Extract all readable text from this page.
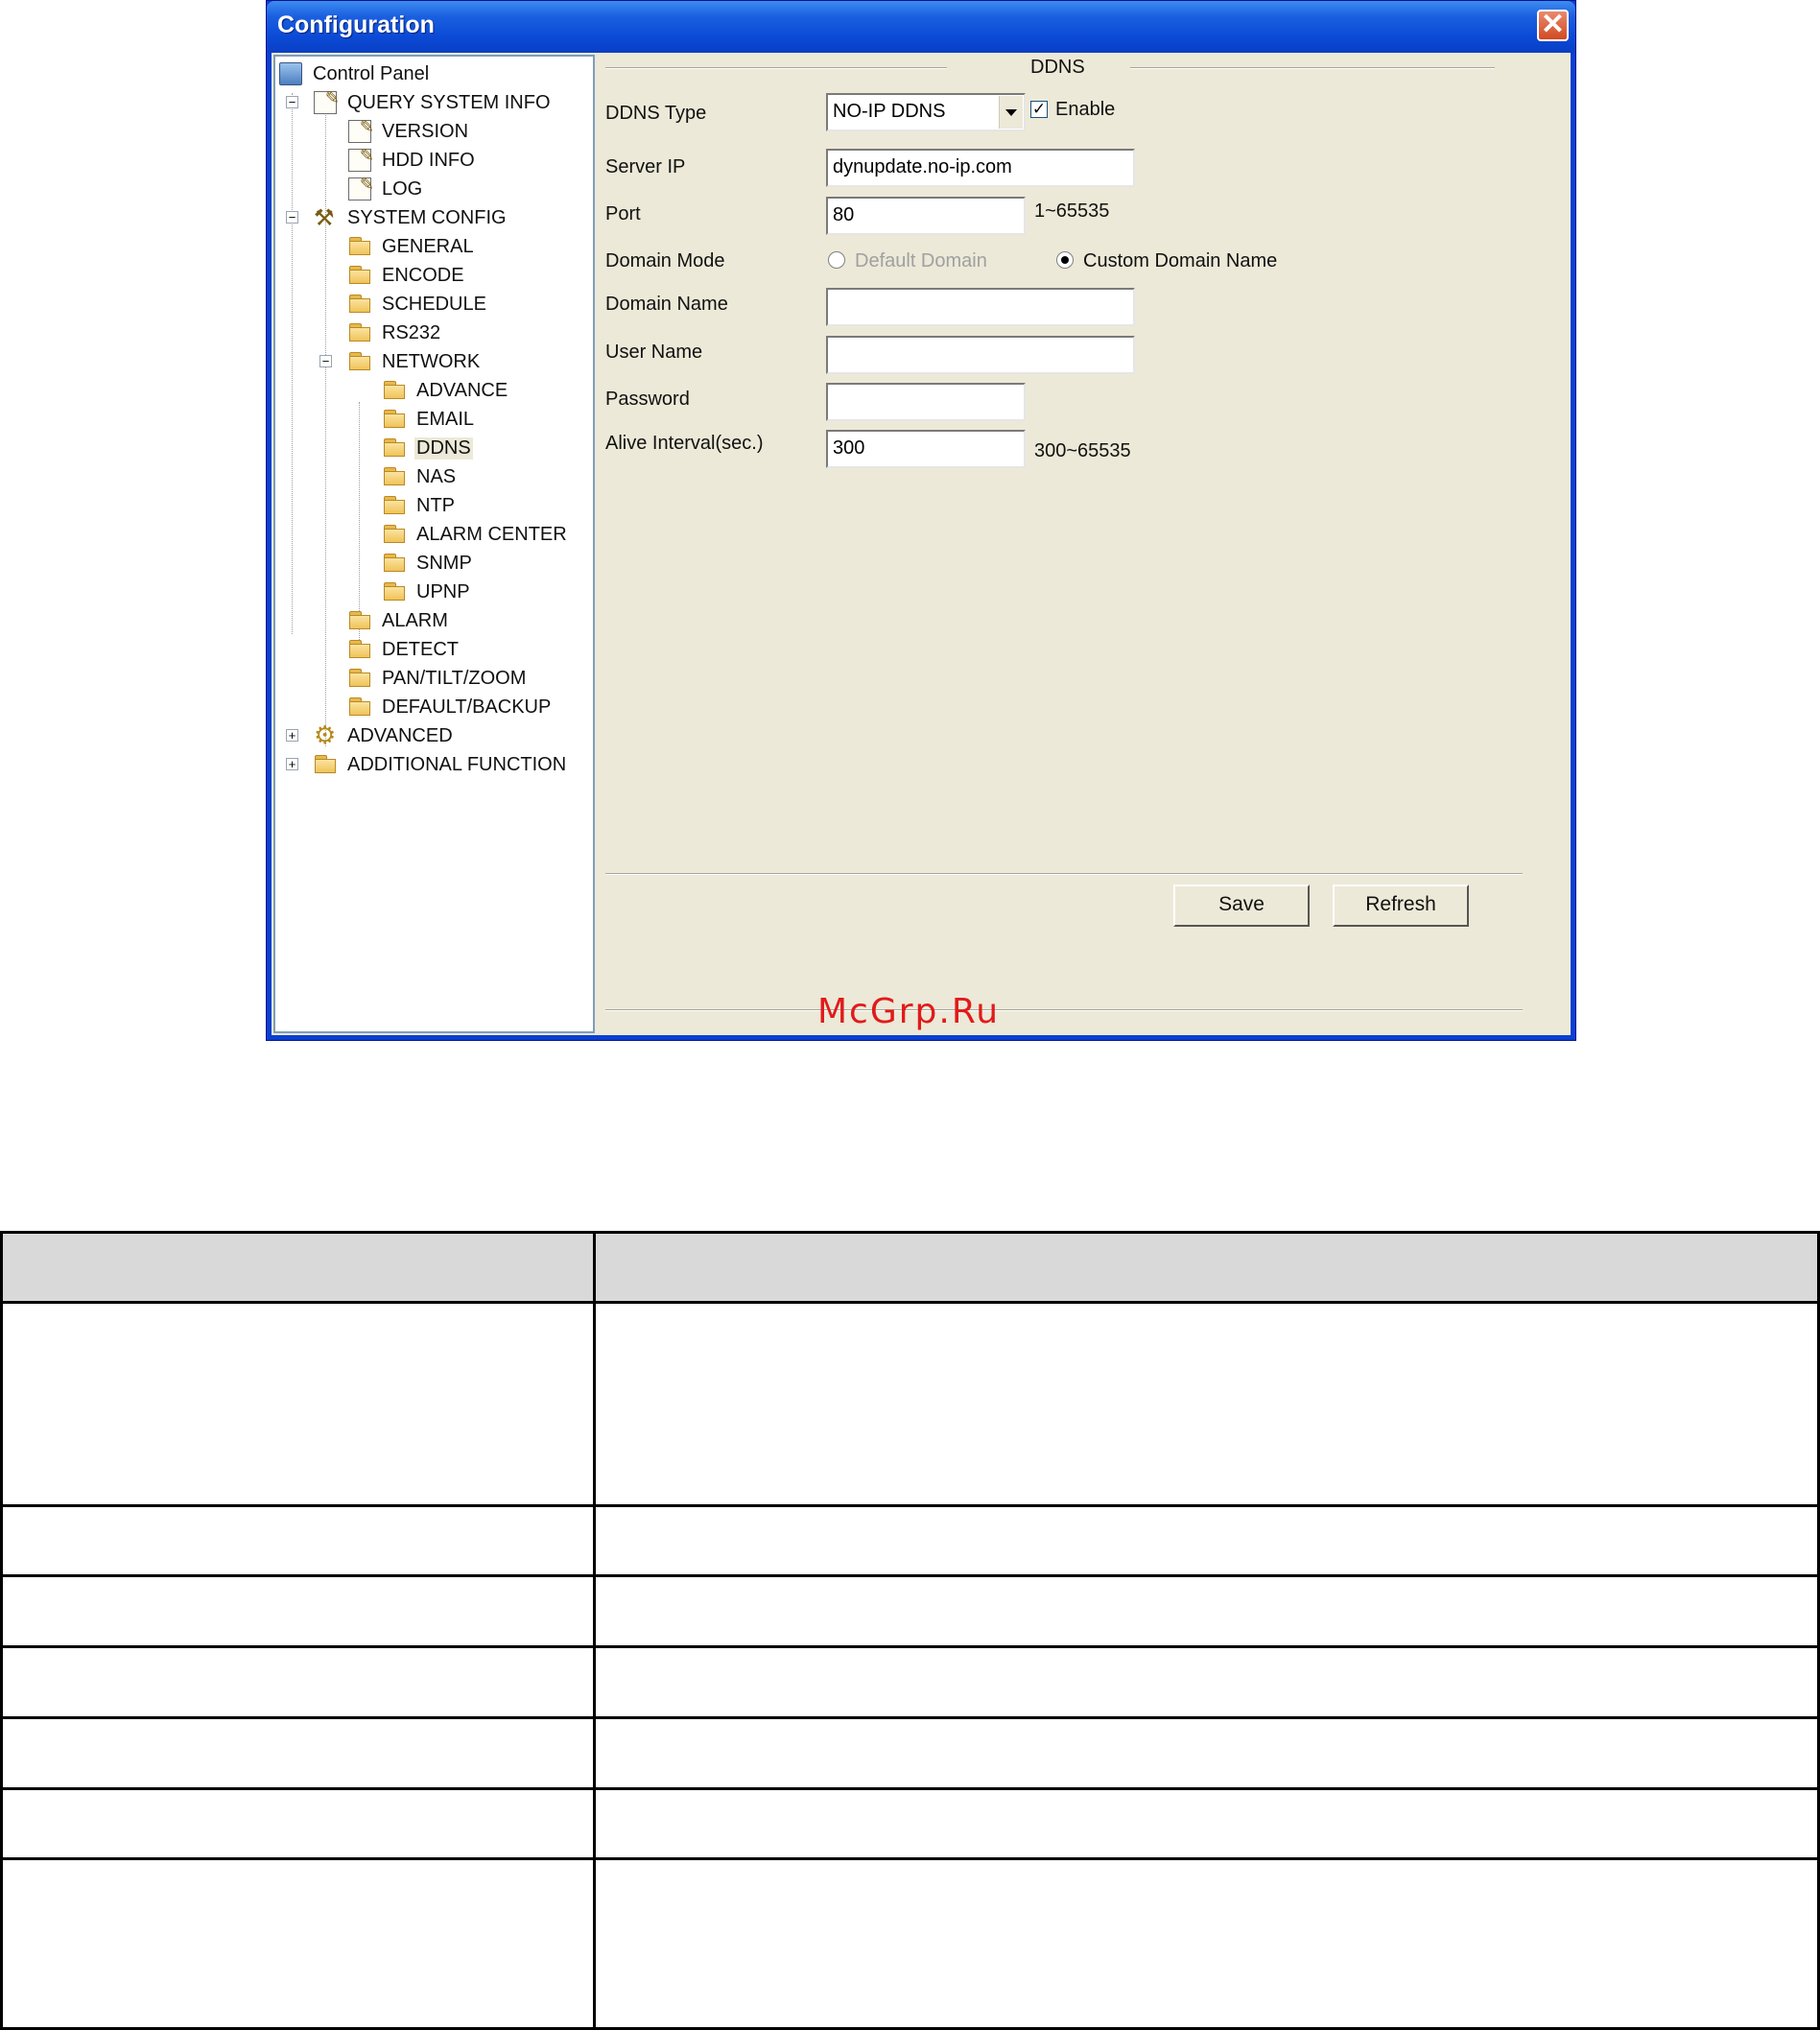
Configuration	✕
−
−
−
+
+
Control Panel
✎
QUERY SYSTEM INFO
✎
VERSION
✎
HDD INFO
✎
LOG
⚒
SYSTEM CONFIG
GENERAL
ENCODE
SCHEDULE
RS232
NETWORK
ADVANCE
EMAIL
DDNS
NAS
NTP
ALARM CENTER
SNMP
UPNP
ALARM
DETECT
PAN/TILT/ZOOM
DEFAULT/BACKUP
⚙
ADVANCED
ADDITIONAL FUNCTION
DDNS
DDNS Type	NO-IP DDNS	✓ Enable
Server IP	dynupdate.no-ip.com
Port	80	1~65535
Domain Mode	Default Domain	Custom Domain Name
Domain Name
User Name
Password
Alive Interval(sec.)	300	300~65535
Save	Refresh
McGrp.Ru
